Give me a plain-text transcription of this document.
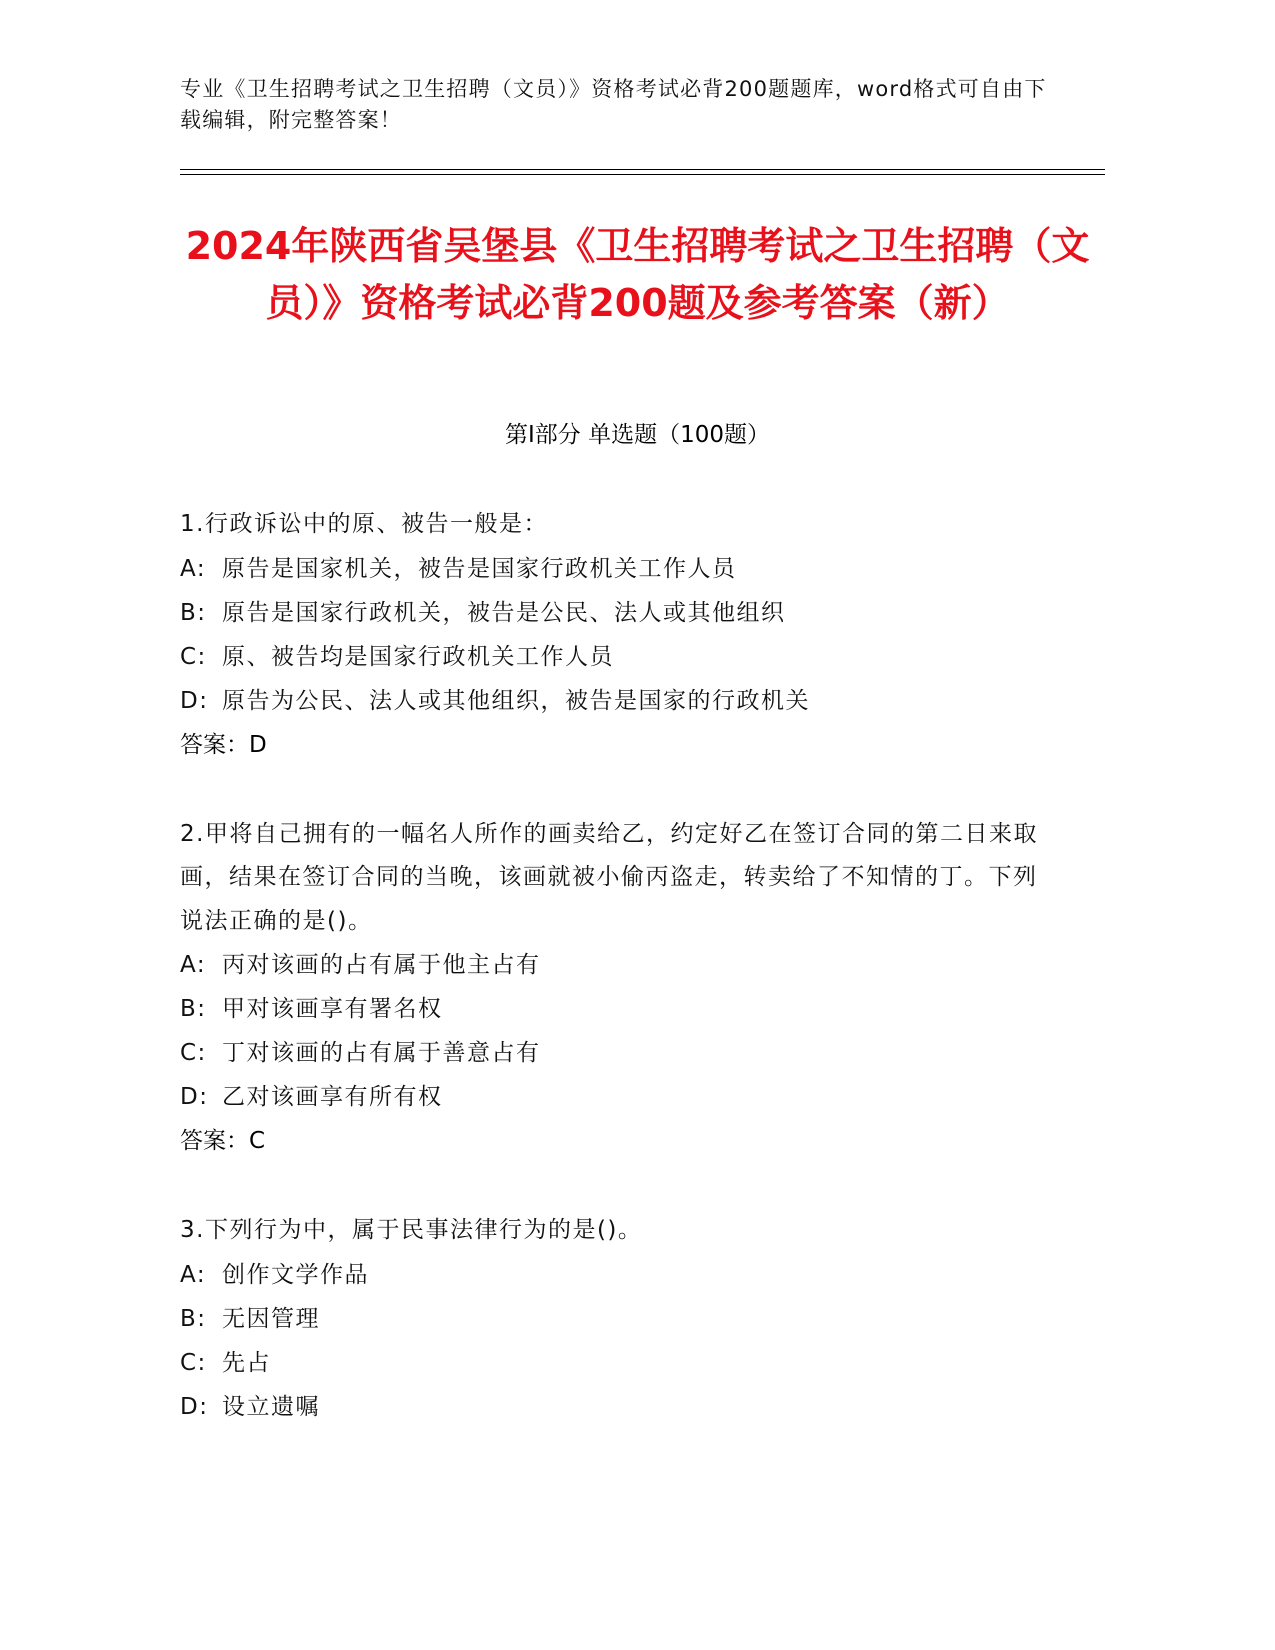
专业《卫生招聘考试之卫生招聘（文员）》资格考试必背200题题库，word格式可自由下载编辑，附完整答案！
2024年陕西省吴堡县《卫生招聘考试之卫生招聘（文员）》资格考试必背200题及参考答案（新）
第Ⅰ部分 单选题（100题）
1.行政诉讼中的原、被告一般是：
A: 原告是国家机关，被告是国家行政机关工作人员
B: 原告是国家行政机关，被告是公民、法人或其他组织
C: 原、被告均是国家行政机关工作人员
D: 原告为公民、法人或其他组织，被告是国家的行政机关
答案：D
2.甲将自己拥有的一幅名人所作的画卖给乙，约定好乙在签订合同的第二日来取画，结果在签订合同的当晚，该画就被小偷丙盗走，转卖给了不知情的丁。下列说法正确的是()。
A: 丙对该画的占有属于他主占有
B: 甲对该画享有署名权
C: 丁对该画的占有属于善意占有
D: 乙对该画享有所有权
答案：C
3.下列行为中，属于民事法律行为的是()。
A: 创作文学作品
B: 无因管理
C: 先占
D: 设立遗嘱
